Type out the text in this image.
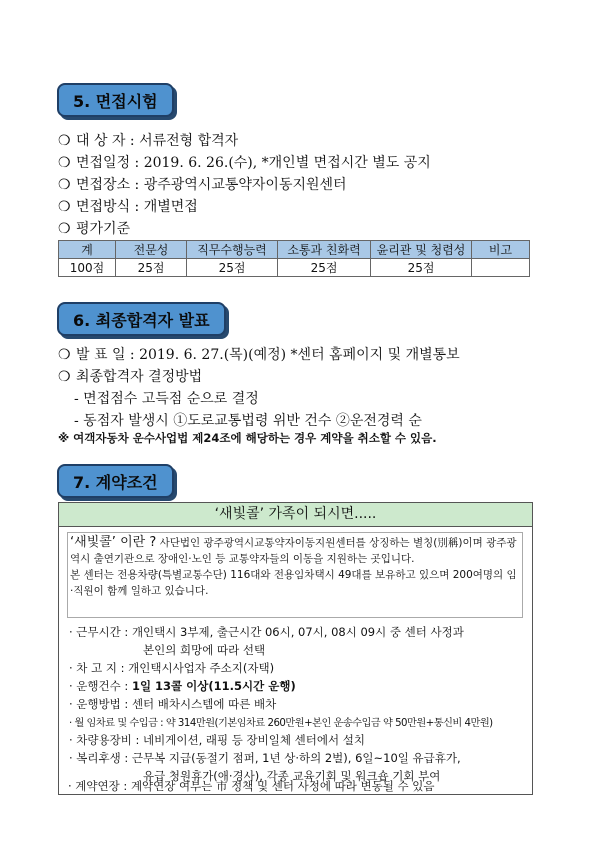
5. 면접시험
❍ 대 상 자 : 서류전형 합격자
❍ 면접일정 : 2019. 6. 26.(수), *개인별 면접시간 별도 공지
❍ 면접장소 : 광주광역시교통약자이동지원센터
❍ 면접방식 : 개별면접
❍ 평가기준
계	전문성	직무수행능력	소통과 친화력	윤리관 및 청렴성	비고
100점	25점	25점	25점	25점	
6. 최종합격자 발표
❍ 발 표 일 : 2019. 6. 27.(목)(예정) *센터 홈페이지 및 개별통보
❍ 최종합격자 결정방법
- 면접점수 고득점 순으로 결정
- 동점자 발생시 ①도로교통법령 위반 건수 ②운전경력 순
※ 여객자동차 운수사업법 제24조에 해당하는 경우 계약을 취소할 수 있음.
7. 계약조건
‘새빛콜’ 가족이 되시면.....
‘새빛콜’ 이란 ? 사단법인 광주광역시교통약자이동지원센터를 상징하는 별칭(別稱)이며 광주광역시 출연기관으로 장애인·노인 등 교통약자들의 이동을 지원하는 곳입니다.
본 센터는 전용차량(특별교통수단) 116대와 전용임차택시 49대를 보유하고 있으며 200여명의 임·직원이 함께 일하고 있습니다.
· 근무시간 : 개인택시 3부제, 출근시간 06시, 07시, 08시 09시 중 센터 사정과
본인의 희망에 따라 선택
· 차 고 지 : 개인택시사업자 주소지(자택)
· 운행건수 : 1일 13콜 이상(11.5시간 운행)
· 운행방법 : 센터 배차시스템에 따른 배차
· 월 임차료 및 수입금 : 약 314만원(기본임차료 260만원+본인 운송수입금 약 50만원+통신비 4만원)
· 차량용장비 : 네비게이션, 래핑 등 장비일체 센터에서 설치
· 복리후생 : 근무복 지급(동절기 점퍼, 1년 상·하의 2벌), 6일~10일 유급휴가,
유급 청원휴가(애·경사), 각종 교육기회 및 워크숍 기회 부여
· 계약연장 : 계약연장 여부는 市 정책 및 센터 사정에 따라 변동될 수 있음
